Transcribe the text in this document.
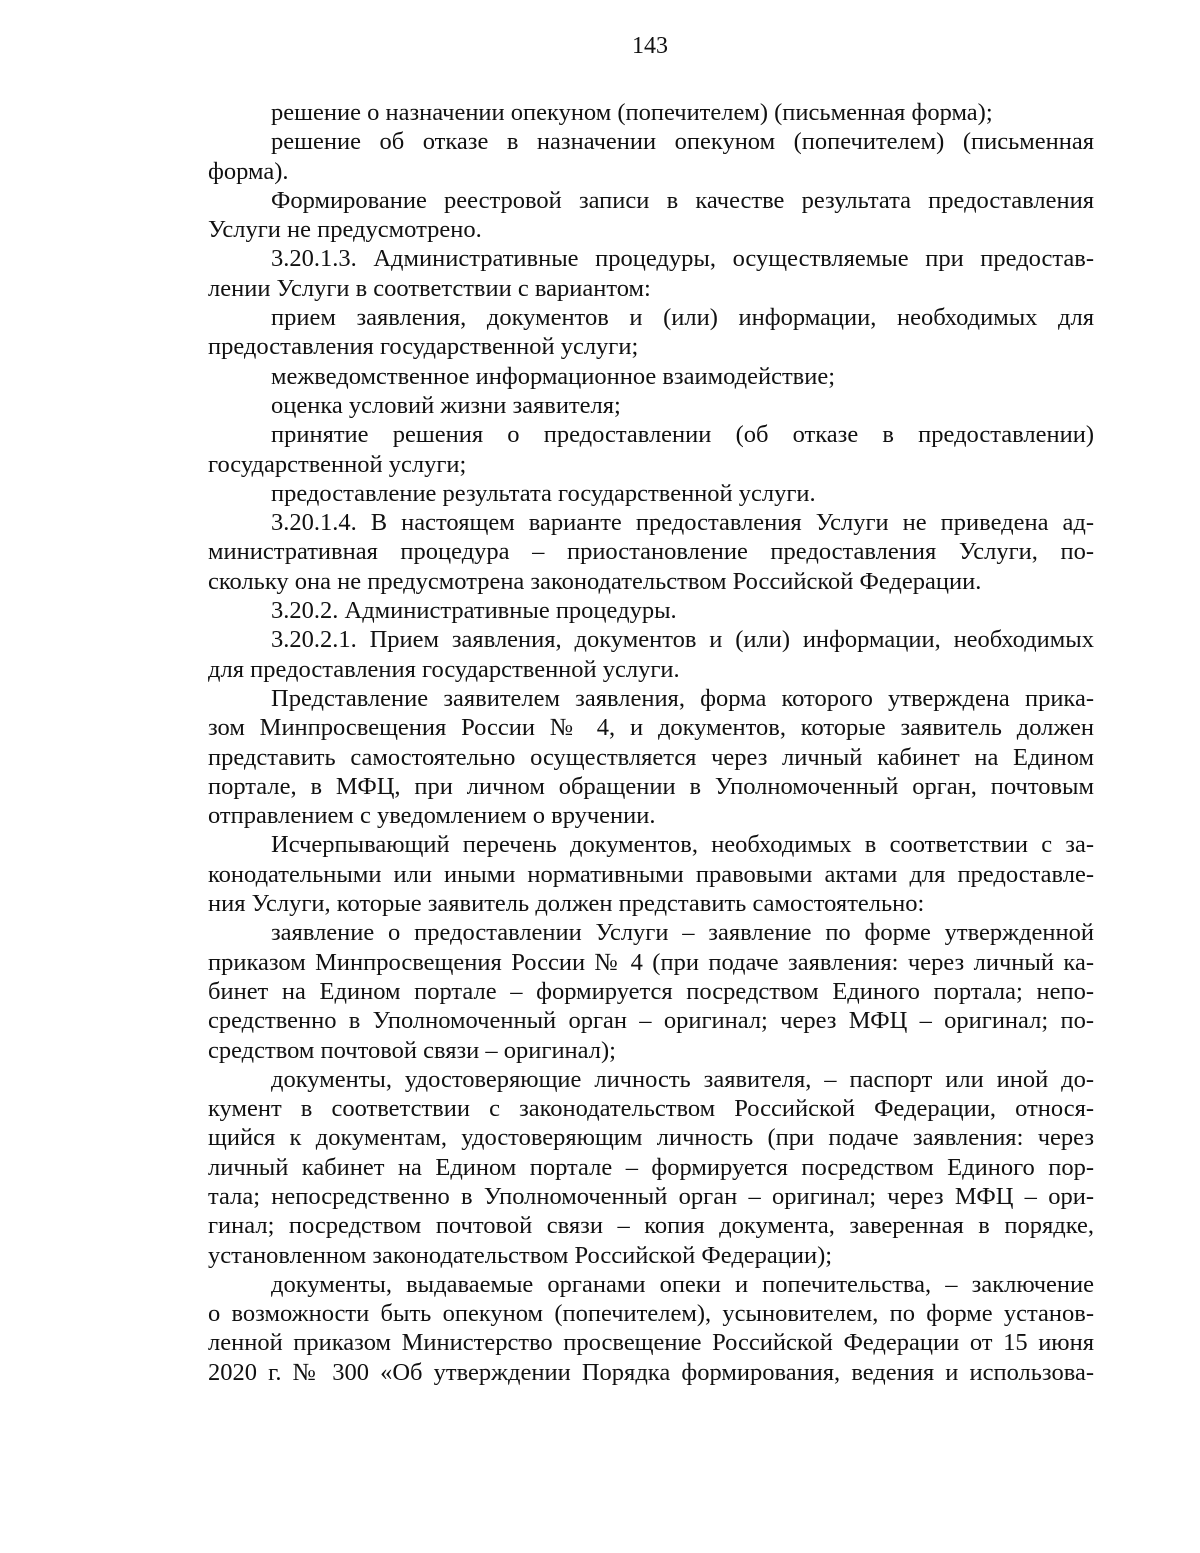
143
решение о назначении опекуном (попечителем) (письменная форма);
решение об отказе в назначении опекуном (попечителем) (письменная
форма).
Формирование реестровой записи в качестве результата предоставления
Услуги не предусмотрено.
3.20.1.3. Административные процедуры, осуществляемые при предостав-
лении Услуги в соответствии с вариантом:
прием заявления, документов и (или) информации, необходимых для
предоставления государственной услуги;
межведомственное информационное взаимодействие;
оценка условий жизни заявителя;
принятие решения о предоставлении (об отказе в предоставлении)
государственной услуги;
предоставление результата государственной услуги.
3.20.1.4. В настоящем варианте предоставления Услуги не приведена ад-
министративная процедура – приостановление предоставления Услуги, по-
скольку она не предусмотрена законодательством Российской Федерации.
3.20.2. Административные процедуры.
3.20.2.1. Прием заявления, документов и (или) информации, необходимых
для предоставления государственной услуги.
Представление заявителем заявления, форма которого утверждена прика-
зом Минпросвещения России № 4, и документов, которые заявитель должен
представить самостоятельно осуществляется через личный кабинет на Едином
портале, в МФЦ, при личном обращении в Уполномоченный орган, почтовым
отправлением с уведомлением о вручении.
Исчерпывающий перечень документов, необходимых в соответствии с за-
конодательными или иными нормативными правовыми актами для предоставле-
ния Услуги, которые заявитель должен представить самостоятельно:
заявление о предоставлении Услуги – заявление по форме утвержденной
приказом Минпросвещения России № 4 (при подаче заявления: через личный ка-
бинет на Едином портале – формируется посредством Единого портала; непо-
средственно в Уполномоченный орган – оригинал; через МФЦ – оригинал; по-
средством почтовой связи – оригинал);
документы, удостоверяющие личность заявителя, – паспорт или иной до-
кумент в соответствии с законодательством Российской Федерации, относя-
щийся к документам, удостоверяющим личность (при подаче заявления: через
личный кабинет на Едином портале – формируется посредством Единого пор-
тала; непосредственно в Уполномоченный орган – оригинал; через МФЦ – ори-
гинал; посредством почтовой связи – копия документа, заверенная в порядке,
установленном законодательством Российской Федерации);
документы, выдаваемые органами опеки и попечительства, – заключение
о возможности быть опекуном (попечителем), усыновителем, по форме установ-
ленной приказом Министерство просвещение Российской Федерации от 15 июня
2020 г. № 300 «Об утверждении Порядка формирования, ведения и использова-
